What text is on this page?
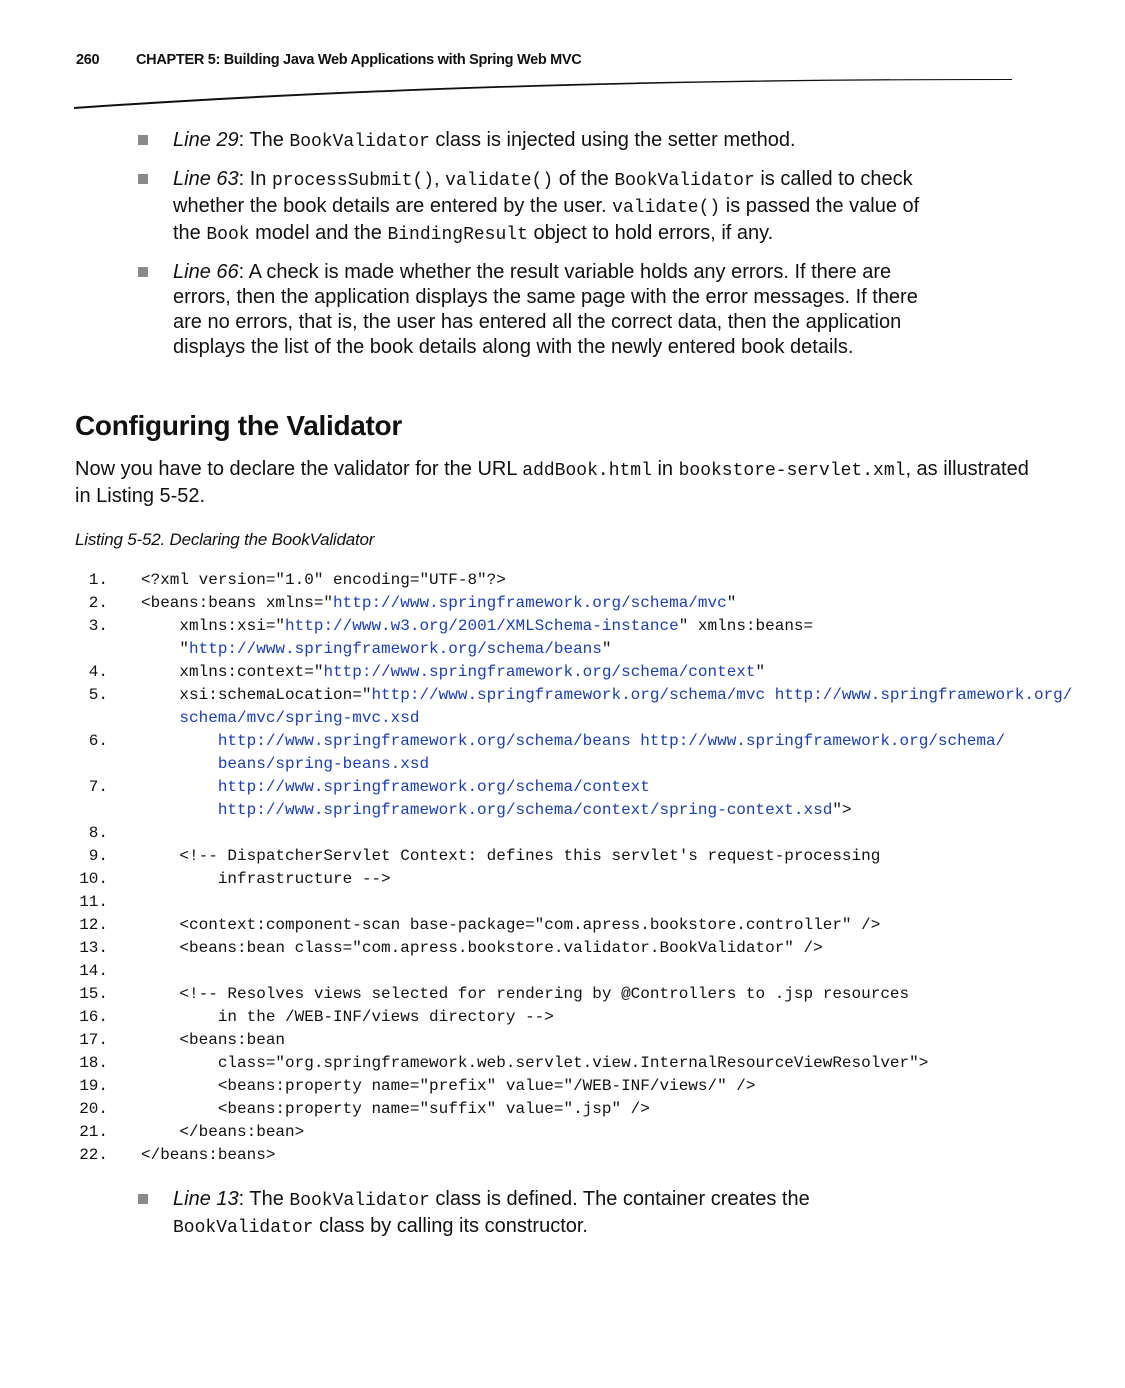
260	CHAPTER 5: Building Java Web Applications with Spring Web MVC
Line 29: The BookValidator class is injected using the setter method.
Line 63: In processSubmit(), validate() of the BookValidator is called to check whether the book details are entered by the user. validate() is passed the value of the Book model and the BindingResult object to hold errors, if any.
Line 66: A check is made whether the result variable holds any errors. If there are errors, then the application displays the same page with the error messages. If there are no errors, that is, the user has entered all the correct data, then the application displays the list of the book details along with the newly entered book details.
Configuring the Validator
Now you have to declare the validator for the URL addBook.html in bookstore-servlet.xml, as illustrated in Listing 5-52.
Listing 5-52. Declaring the BookValidator
1. <?xml version="1.0" encoding="UTF-8"?>
2. <beans:beans xmlns="http://www.springframework.org/schema/mvc"
3. xmlns:xsi="http://www.w3.org/2001/XMLSchema-instance" xmlns:beans=
"http://www.springframework.org/schema/beans"
4. xmlns:context="http://www.springframework.org/schema/context"
5. xsi:schemaLocation="http://www.springframework.org/schema/mvc http://www.springframework.org/
schema/mvc/spring-mvc.xsd
6.	http://www.springframework.org/schema/beans http://www.springframework.org/schema/
beans/spring-beans.xsd
7.	http://www.springframework.org/schema/context
http://www.springframework.org/schema/context/spring-context.xsd">
8.
9. <!-- DispatcherServlet Context: defines this servlet's request-processing
10. infrastructure -->
11.
12. <context:component-scan base-package="com.apress.bookstore.controller" />
13. <beans:bean class="com.apress.bookstore.validator.BookValidator" />
14.
15. <!-- Resolves views selected for rendering by @Controllers to .jsp resources
16. in the /WEB-INF/views directory -->
17. <beans:bean
18. class="org.springframework.web.servlet.view.InternalResourceViewResolver">
19. <beans:property name="prefix" value="/WEB-INF/views/" />
20. <beans:property name="suffix" value=".jsp" />
21. </beans:bean>
22. </beans:beans>
Line 13: The BookValidator class is defined. The container creates the BookValidator class by calling its constructor.
